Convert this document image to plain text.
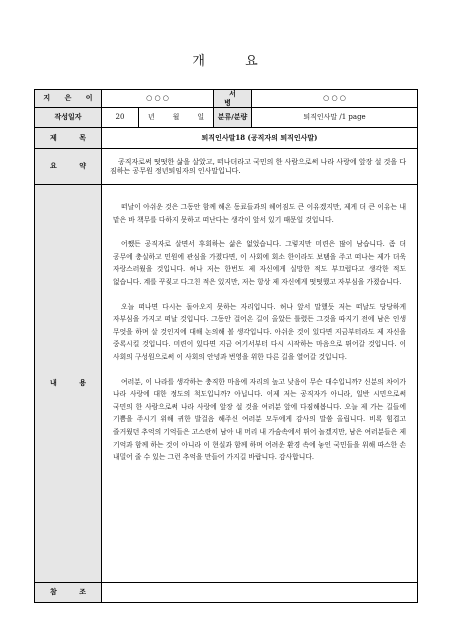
개 요
지 은 이	○ ○ ○				서 병	○ ○ ○
작성일자	20	년	월	일	분류/분량	퇴직인사말 /1 page
제 목	퇴직인사말18 (공직자의 퇴직인사말)					
요 약	공직자로써 떳떳한 삶을 살았고, 떠나더라고 국민의 한 사람으로써 나라 사랑에 앞장 설 것을 다짐하는 공무원 정년퇴임자의 인사말입니다.					

내 용	떠날이 아쉬운 것은 그동안 함께 해온 동료들과의 헤어짐도 큰 이유겠지만, 제게 더 큰 이유는 내 맡은 바 책무를 다하지 못하고 떠난다는 생각이 앞서 있기 때문일 것입니다.

어쨌든 공직자로 살면서 후회하는 삶은 없었습니다. 그렇지만 미련은 많이 남습니다. 좀 더 공무에 충실하고 민원에 관심을 가졌다면, 이 사회에 회소 한이라도 보탬을 주고 떠나는 제가 더욱 자랑스러웠을 것입니다. 허나 저는 한번도 제 자신에게 실망한 적도 부끄럽다고 생각한 적도 없습니다. 계를 꾸짖고 다그친 적은 있지만, 저는 항상 제 자신에게 떳떳했고 자부심을 가졌습니다.

오늘 떠나면 다시는 돌아오지 못하는 자리입니다. 허나 앞서 말했듯 저는 떠날도 당당하게 자부심을 가지고 떠날 것입니다. 그동안 걸어온 길이 올았든 틀렸든 그것을 따지기 전에 남은 인생 무엇을 하며 살 것인지에 대해 논의해 볼 생각입니다. 아쉬운 것이 있다면 지금부터라도 제 자신을 중록시킬 것입니다. 미련이 있다면 지금 여기서부터 다시 시작하는 마음으로 뛰어갈 것입니다. 이 사회의 구성원으로써 이 사회의 안녕과 번영을 위한 다른 길을 열어갈 것입니다.

여러분, 이 나라를 생각하는 충직한 마음에 자리의 높고 낮음이 무슨 대수입니까? 신분의 차이가 나라 사랑에 대한 정도의 척도입니까? 아닙니다. 이제 저는 공직자가 아니라, 일반 시민으로써 국민의 한 사람으로써 나라 사랑에 앞장 설 것을 여러분 앞에 다짐해봅니다. 오늘 제 가는 길들에 기쁨을 주시기 위해 귀한 발걸음 해주신 여러분 모두에게 감사의 말씀 올립니다. 비록 힘겹고 즐거웠던 추억의 기억들은 고스란히 남아 내 머리 내 가슴속에서 뛰어 놀겠지만, 남은 여러분들은 제 기억과 함께 하는 것이 아니라 이 현실과 함께 하며 어려운 환경 속에 놓인 국민들을 위해 따스한 손 내밀어 줄 수 있는 그런 추억을 만들어 가지길 바랍니다. 감사합니다.					

참 조						
